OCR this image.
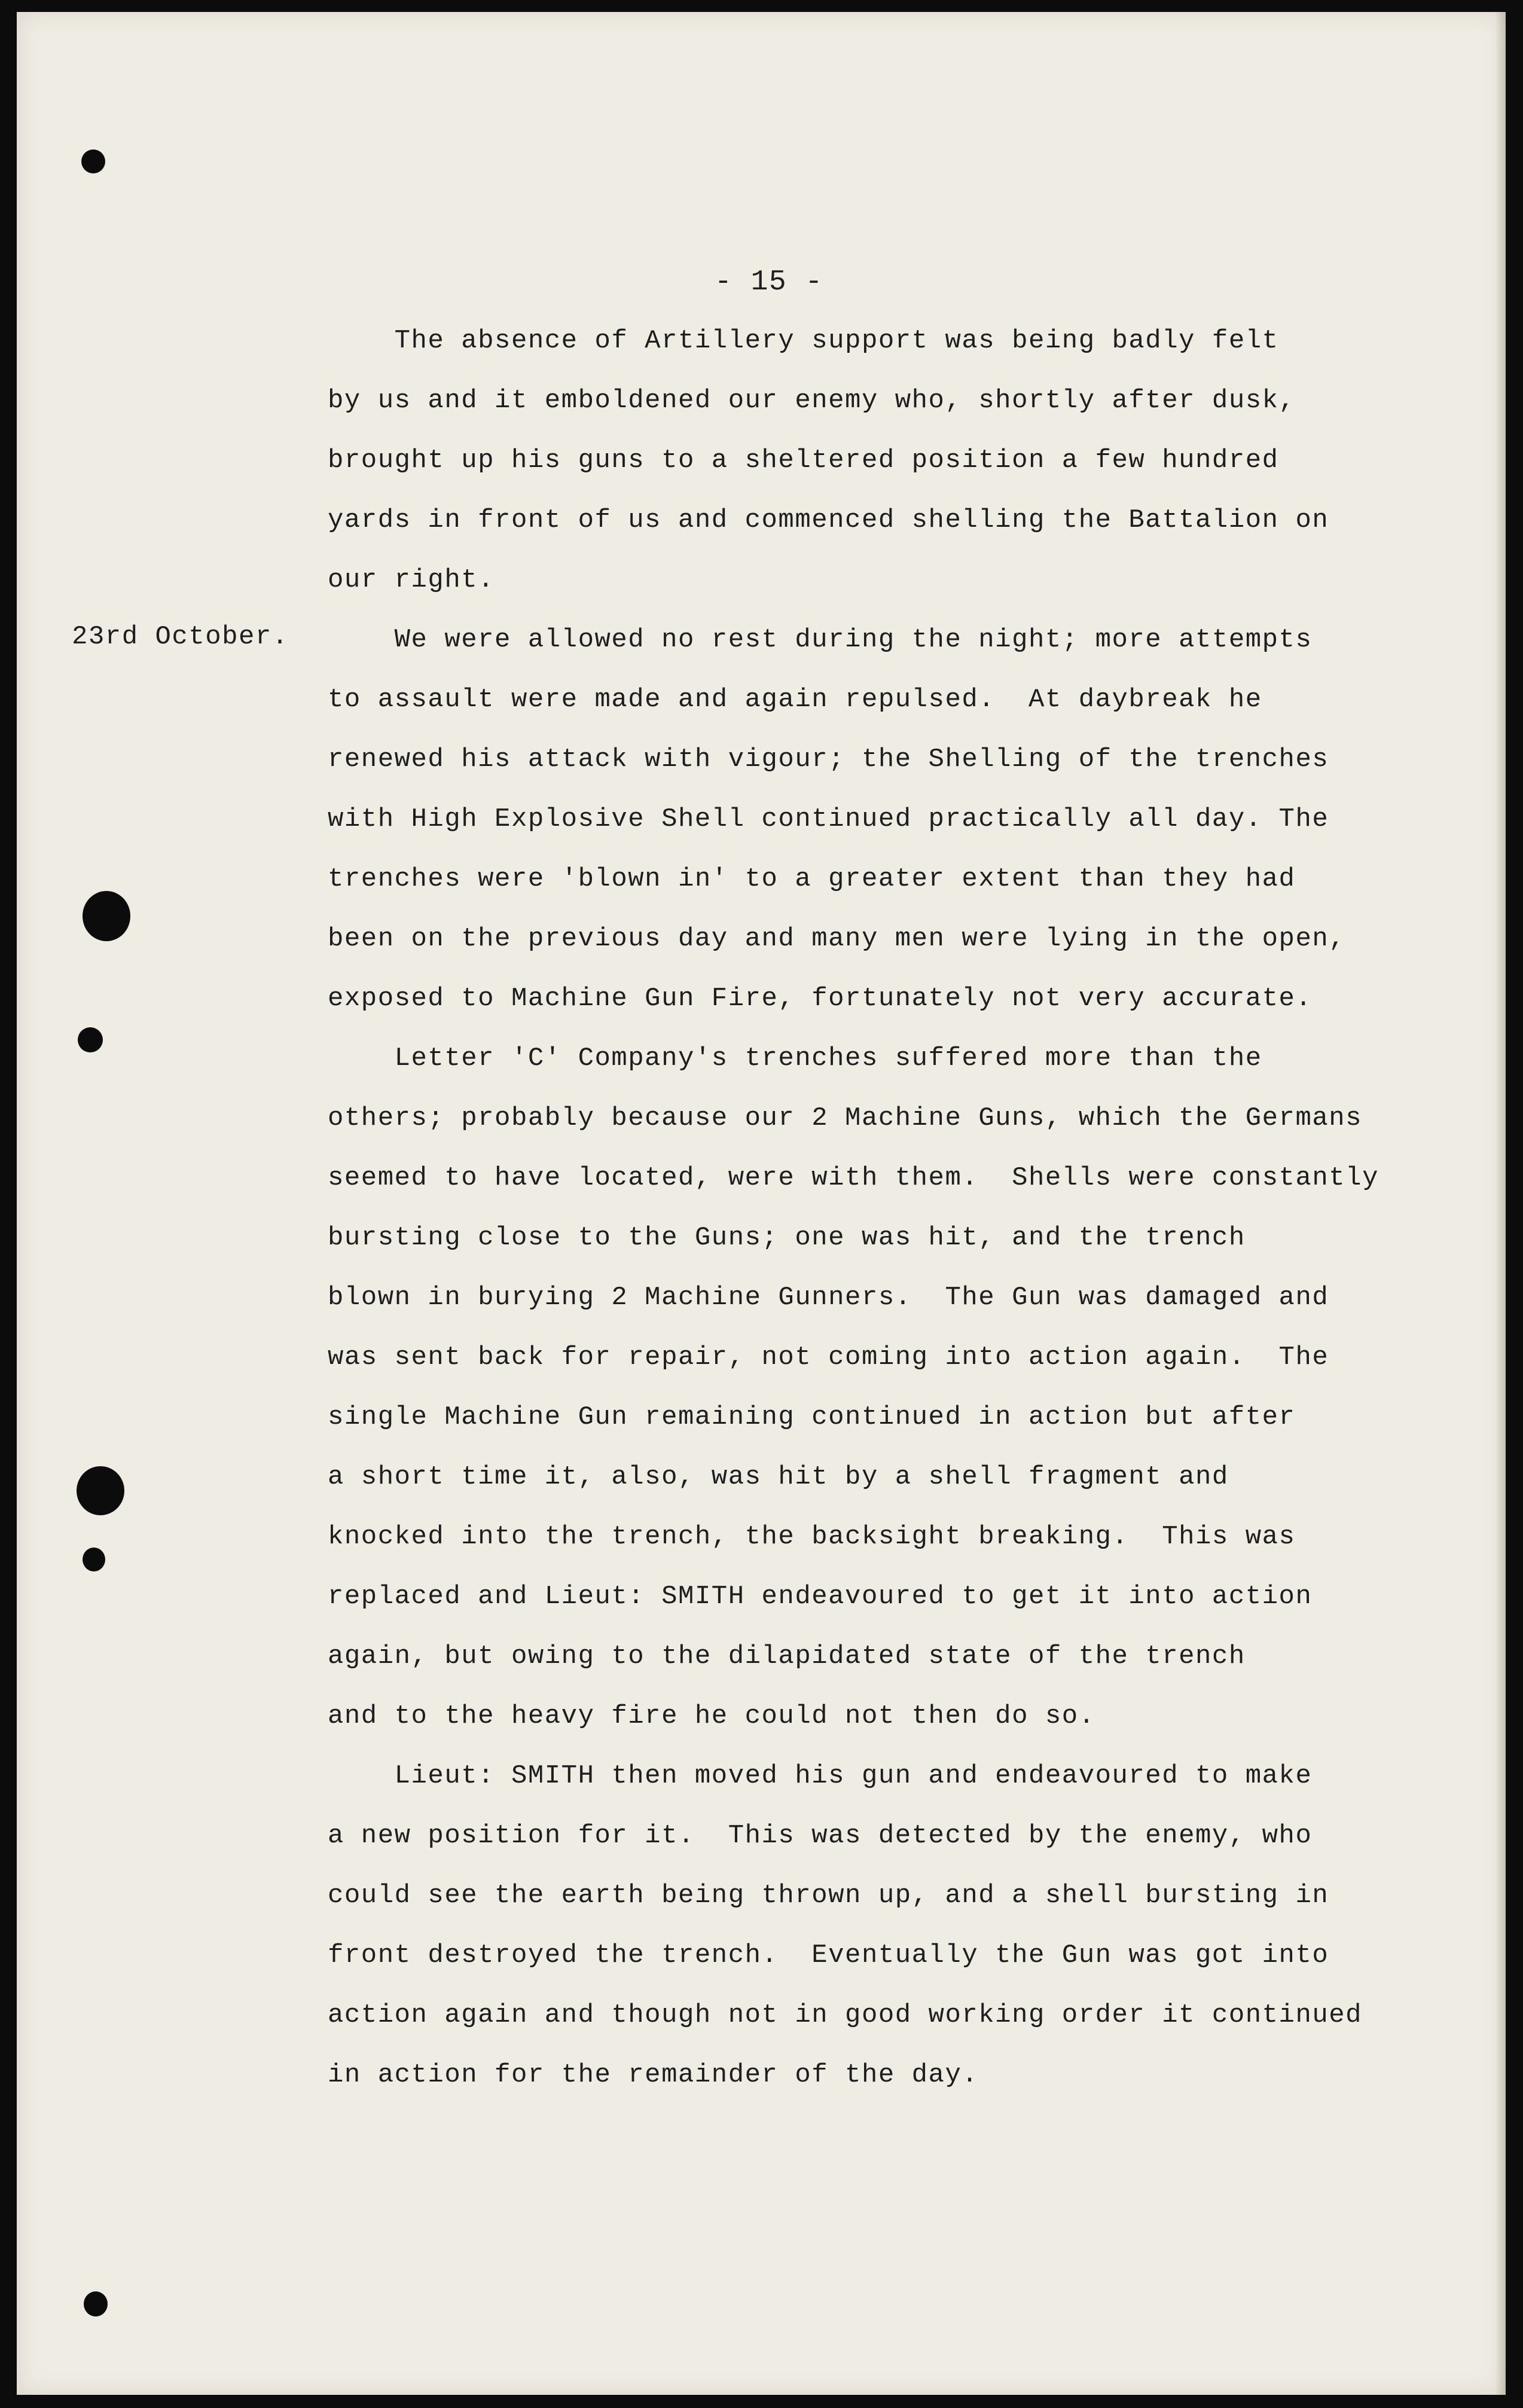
- 15 -
23rd October.
The absence of Artillery support was being badly felt
by us and it emboldened our enemy who, shortly after dusk,
brought up his guns to a sheltered position a few hundred
yards in front of us and commenced shelling the Battalion on
our right.
We were allowed no rest during the night; more attempts
to assault were made and again repulsed.  At daybreak he
renewed his attack with vigour; the Shelling of the trenches
with High Explosive Shell continued practically all day. The
trenches were 'blown in' to a greater extent than they had
been on the previous day and many men were lying in the open,
exposed to Machine Gun Fire, fortunately not very accurate.
Letter 'C' Company's trenches suffered more than the
others; probably because our 2 Machine Guns, which the Germans
seemed to have located, were with them.  Shells were constantly
bursting close to the Guns; one was hit, and the trench
blown in burying 2 Machine Gunners.  The Gun was damaged and
was sent back for repair, not coming into action again.  The
single Machine Gun remaining continued in action but after
a short time it, also, was hit by a shell fragment and
knocked into the trench, the backsight breaking.  This was
replaced and Lieut: SMITH endeavoured to get it into action
again, but owing to the dilapidated state of the trench
and to the heavy fire he could not then do so.
Lieut: SMITH then moved his gun and endeavoured to make
a new position for it.  This was detected by the enemy, who
could see the earth being thrown up, and a shell bursting in
front destroyed the trench.  Eventually the Gun was got into
action again and though not in good working order it continued
in action for the remainder of the day.
